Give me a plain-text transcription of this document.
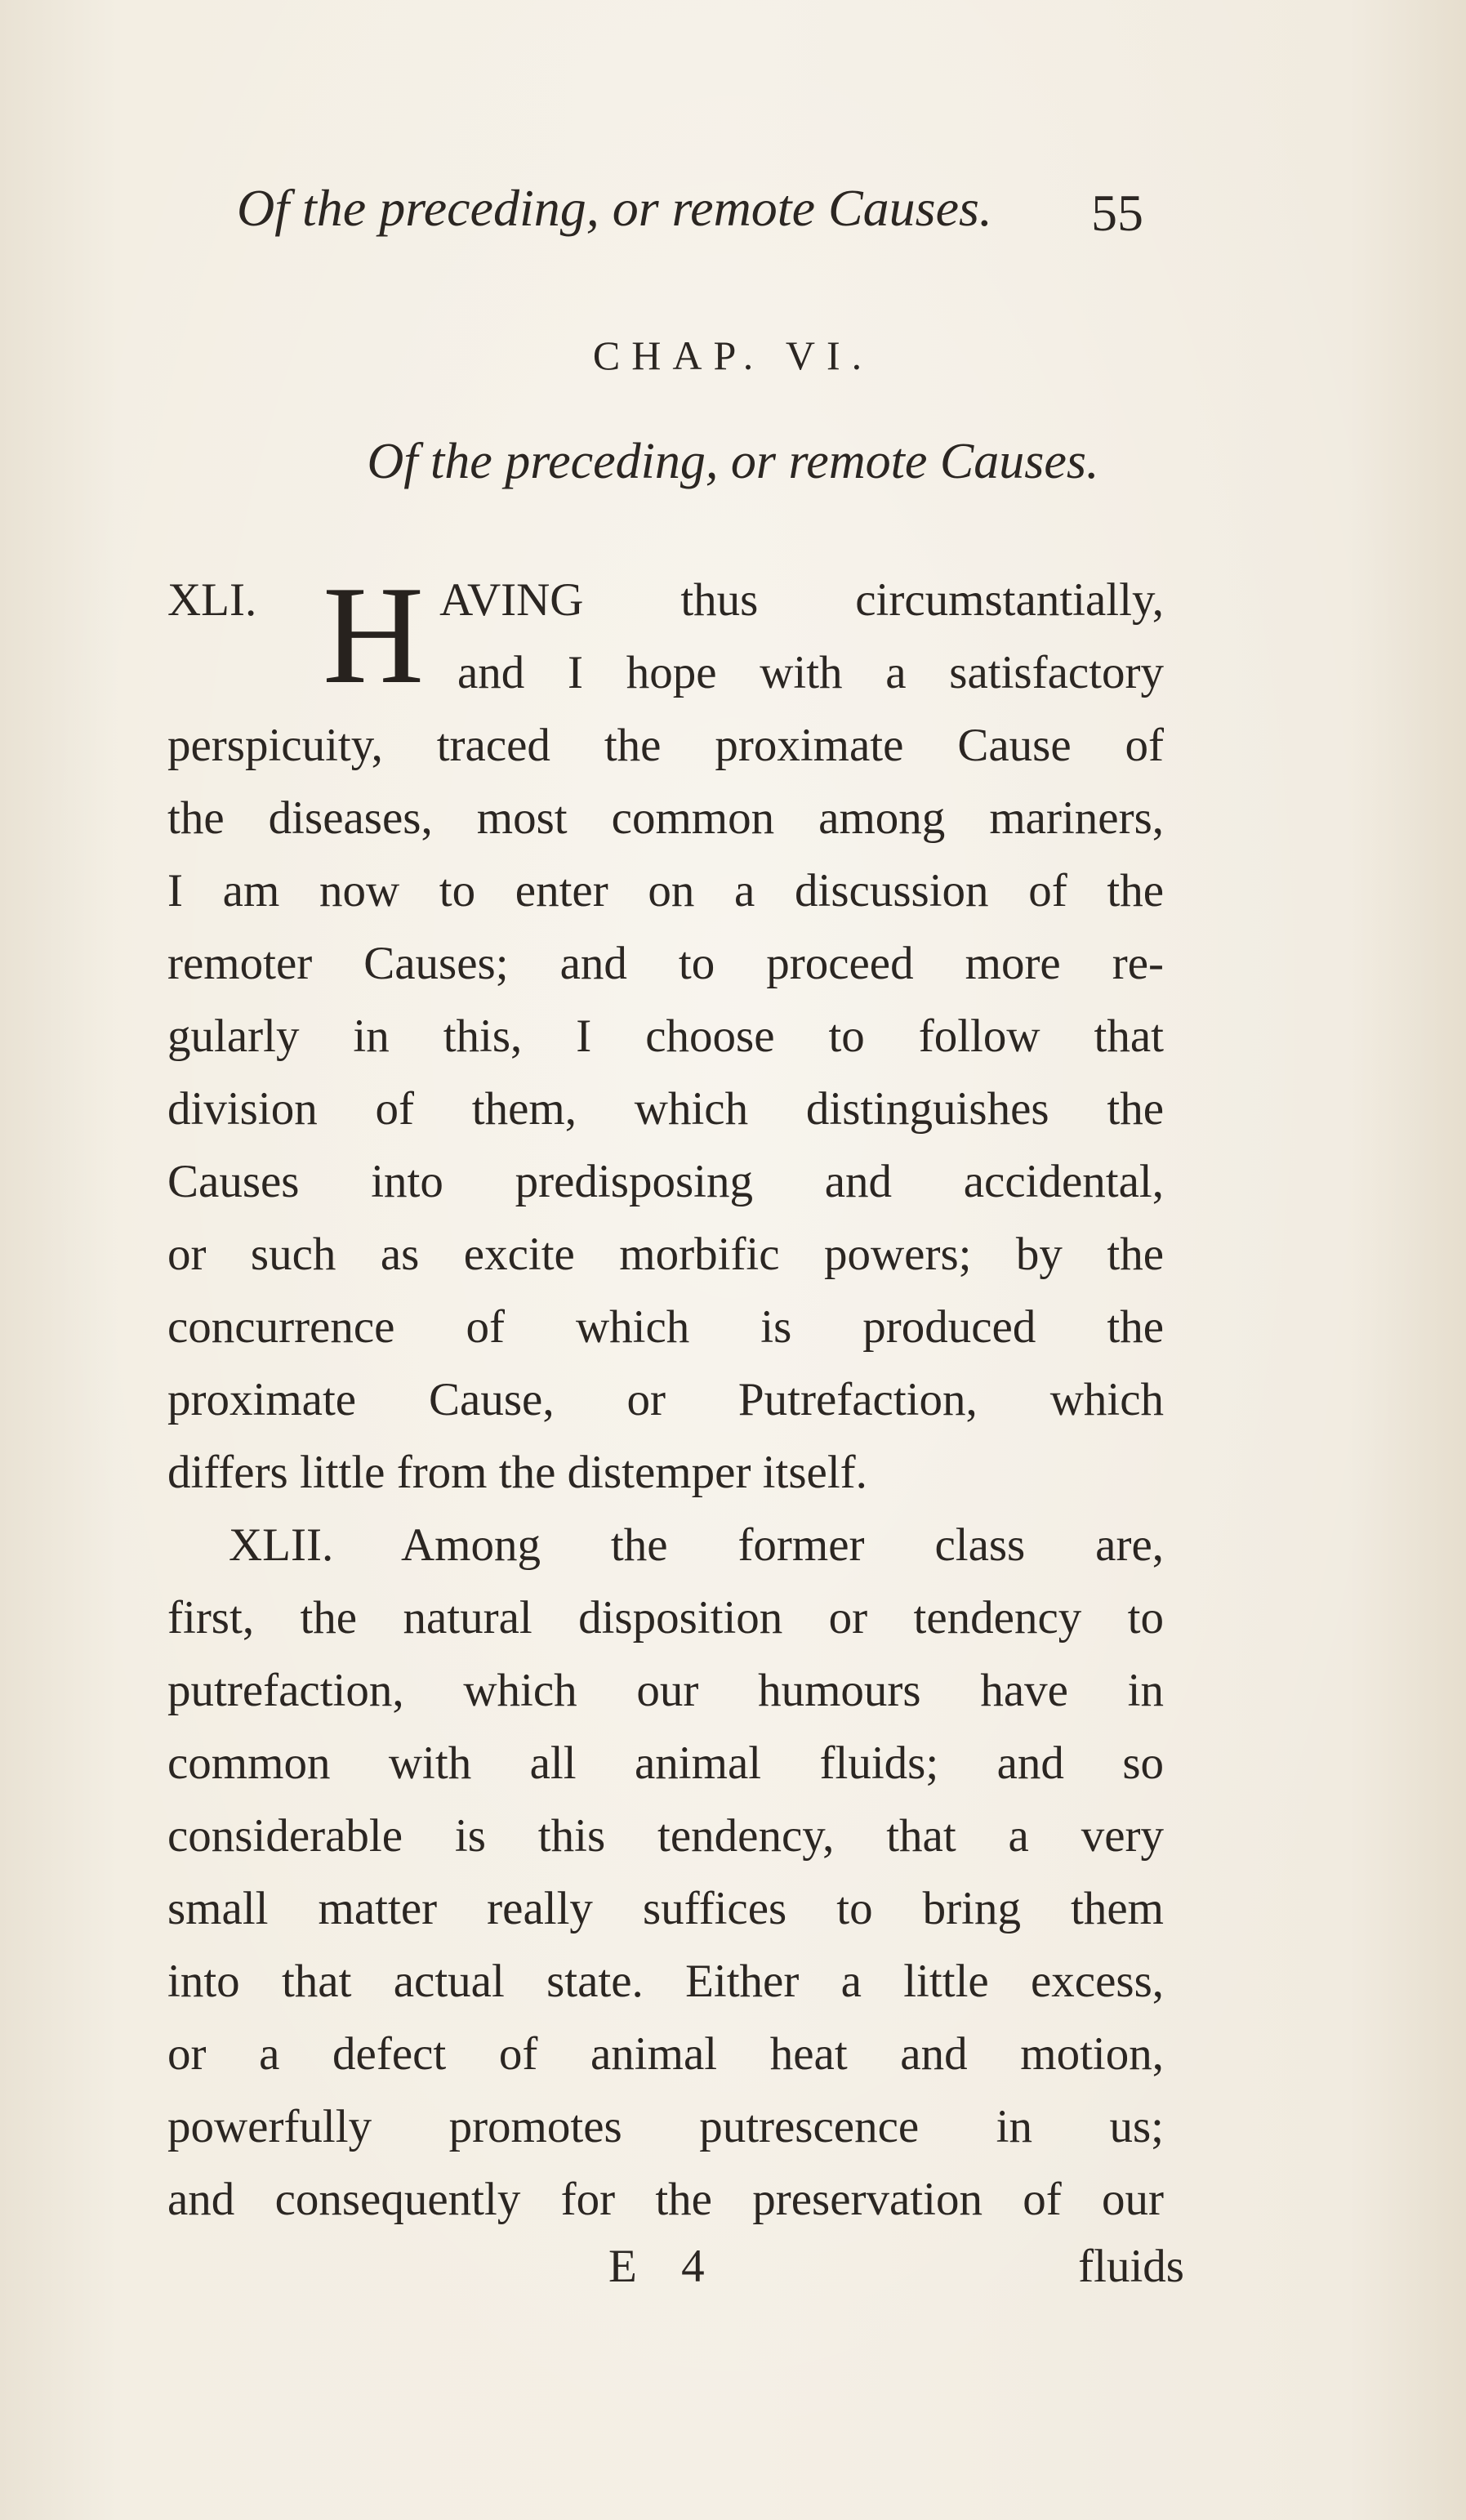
Of the preceding, or remote Causes. 55
CHAP. VI.
Of the preceding, or remote Causes.
XLI.	AVING thus circumstantially,
H and I hope with a satisfactory
perspicuity, traced the proximate Cause of
the diseases, most common among mariners,
I am now to enter on a discussion of the
remoter Causes; and to proceed more re-
gularly in this, I choose to follow that
division of them, which distinguishes the
Causes into predisposing and accidental,
or such as excite morbific powers; by the
concurrence of which is produced the
proximate Cause, or Putrefaction, which
differs little from the distemper itself.
XLII. Among the former class are,
first, the natural disposition or tendency to
putrefaction, which our humours have in
common with all animal fluids; and so
considerable is this tendency, that a very
small matter really suffices to bring them
into that actual state. Either a little excess,
or a defect of animal heat and motion,
powerfully promotes putrescence in us;
and consequently for the preservation of our
E 4	fluids
